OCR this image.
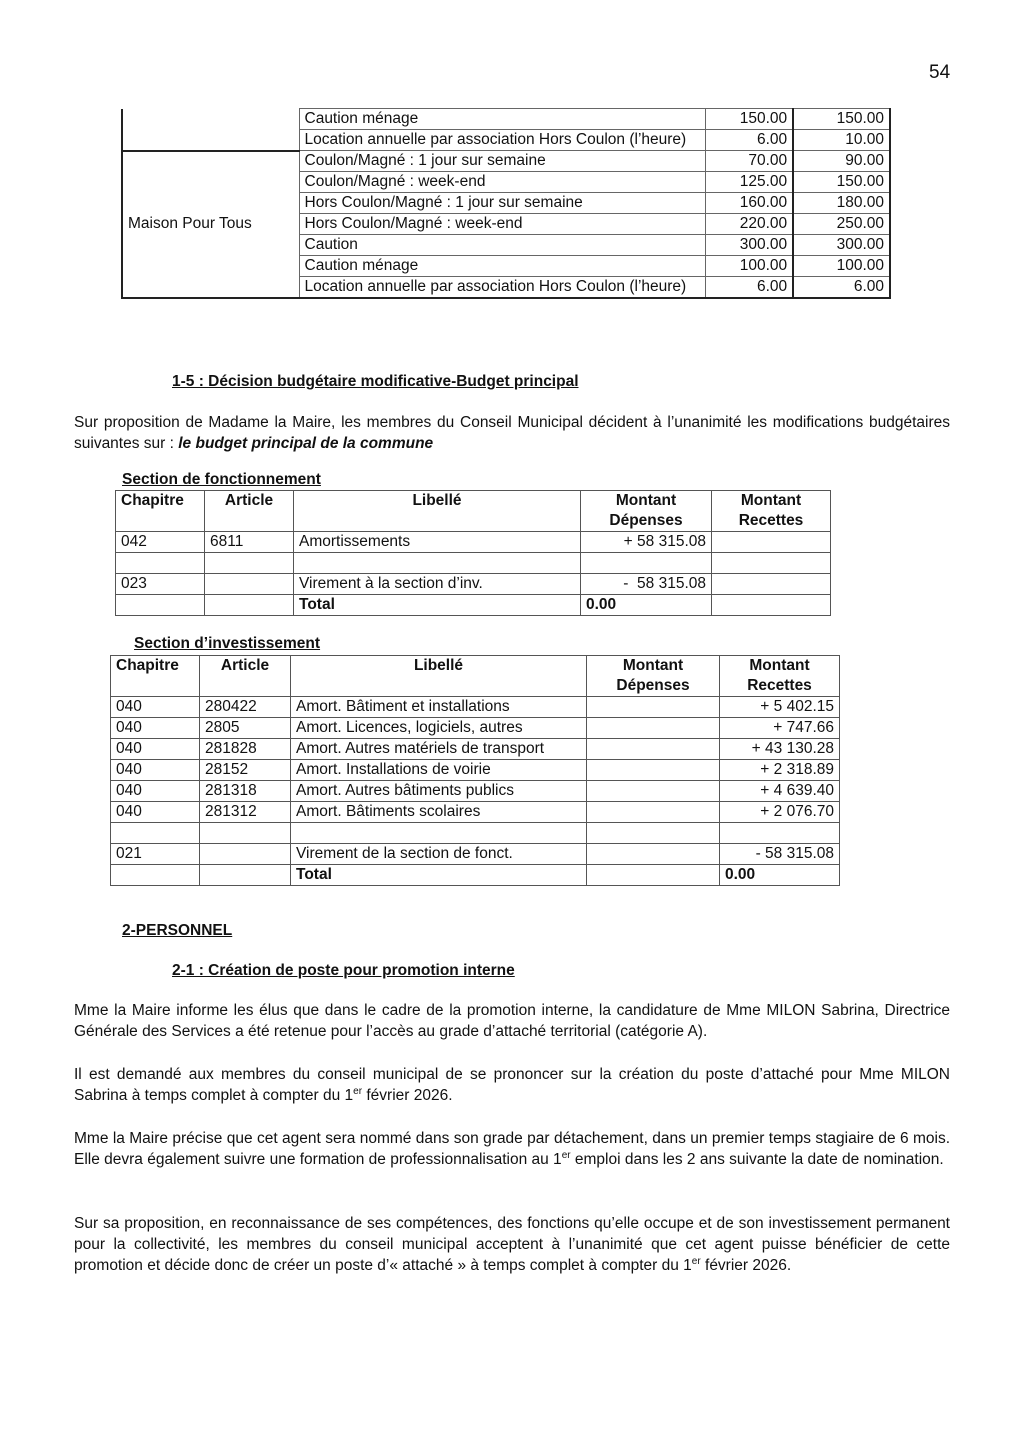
54
	Caution ménage	150.00	150.00
	Location annuelle par association Hors Coulon (l’heure)	6.00	10.00
Maison Pour Tous	Coulon/Magné : 1 jour sur semaine	70.00	90.00
	Coulon/Magné : week-end	125.00	150.00
	Hors Coulon/Magné : 1 jour sur semaine	160.00	180.00
	Hors Coulon/Magné : week-end	220.00	250.00
	Caution	300.00	300.00
	Caution ménage	100.00	100.00
	Location annuelle par association Hors Coulon (l’heure)	6.00	6.00
1-5 : Décision budgétaire modificative-Budget principal
Sur proposition de Madame la Maire, les membres du Conseil Municipal décident à l’unanimité les modifications budgétaires suivantes sur : le budget principal de la commune
Section de fonctionnement
Chapitre	Article	Libellé	Montant Dépenses	Montant Recettes
042	6811	Amortissements	+ 58 315.08	

023		Virement à la section d’inv.	-  58 315.08	
		Total	0.00	
Section d’investissement
Chapitre	Article	Libellé	Montant Dépenses	Montant Recettes
040	280422	Amort. Bâtiment et installations		+ 5 402.15
040	2805	Amort. Licences, logiciels, autres		+ 747.66
040	281828	Amort. Autres matériels de transport		+ 43 130.28
040	28152	Amort. Installations de voirie		+ 2 318.89
040	281318	Amort. Autres bâtiments publics		+ 4 639.40
040	281312	Amort. Bâtiments scolaires		+ 2 076.70

021		Virement de la section de fonct.		- 58 315.08
		Total		0.00
2-PERSONNEL
2-1 : Création de poste pour promotion interne
Mme la Maire informe les élus que dans le cadre de la promotion interne, la candidature de Mme MILON Sabrina, Directrice Générale des Services a été retenue pour l’accès au grade d’attaché territorial (catégorie A).
Il est demandé aux membres du conseil municipal de se prononcer sur la création du poste d’attaché pour Mme MILON Sabrina à temps complet à compter du 1er février 2026.
Mme la Maire précise que cet agent sera nommé dans son grade par détachement, dans un premier temps stagiaire de 6 mois. Elle devra également suivre une formation de professionnalisation au 1er emploi dans les 2 ans suivante la date de nomination.
Sur sa proposition, en reconnaissance de ses compétences, des fonctions qu’elle occupe et de son investissement permanent pour la collectivité, les membres du conseil municipal acceptent à l’unanimité que cet agent puisse bénéficier de cette promotion et décide donc de créer un poste d’« attaché » à temps complet à compter du 1er février 2026.
